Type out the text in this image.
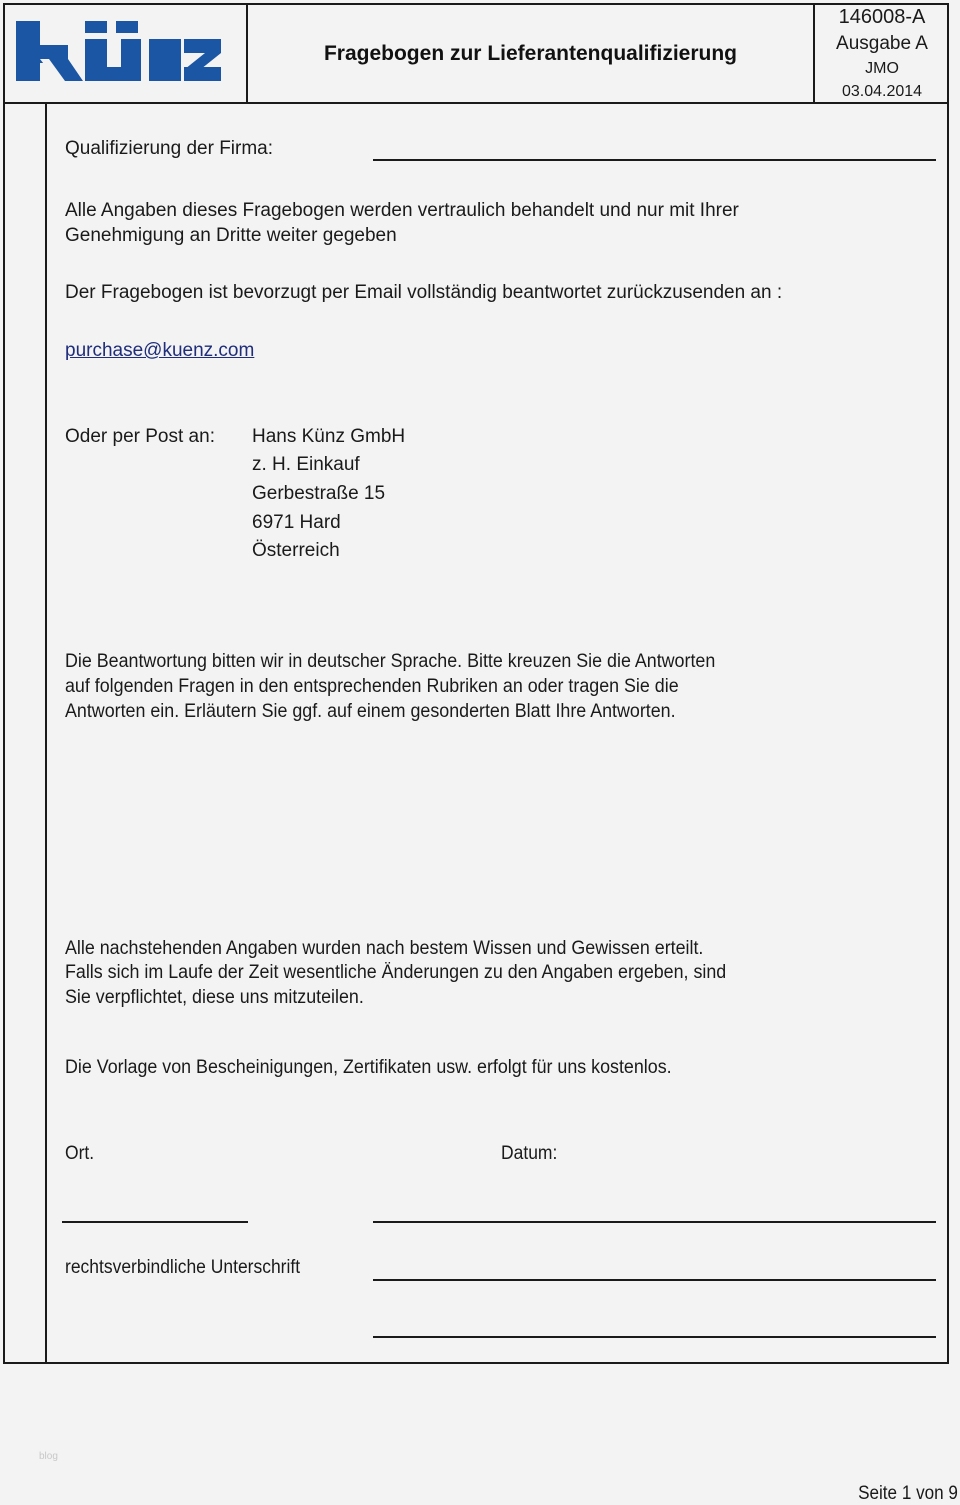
Fragebogen zur Lieferantenqualifizierung
146008-A
Ausgabe A
JMO
03.04.2014
Qualifizierung der Firma:
Alle Angaben dieses Fragebogen werden vertraulich behandelt und nur mit Ihrer
Genehmigung an Dritte weiter gegeben
Der Fragebogen ist bevorzugt per Email vollständig beantwortet zurückzusenden an :
purchase@kuenz.com
Oder per Post an: Hans Künz GmbH
z. H. Einkauf
Gerbestraße 15
6971 Hard
Österreich
Die Beantwortung bitten wir in deutscher Sprache. Bitte kreuzen Sie die Antworten
auf folgenden Fragen in den entsprechenden Rubriken an oder tragen Sie die
Antworten ein. Erläutern Sie ggf. auf einem gesonderten Blatt Ihre Antworten.
Alle nachstehenden Angaben wurden nach bestem Wissen und Gewissen erteilt.
Falls sich im Laufe der Zeit wesentliche Änderungen zu den Angaben ergeben, sind
Sie verpflichtet, diese uns mitzuteilen.
Die Vorlage von Bescheinigungen, Zertifikaten usw. erfolgt für uns kostenlos.
Ort.	Datum:
rechtsverbindliche Unterschrift
blog
Seite 1 von 9
